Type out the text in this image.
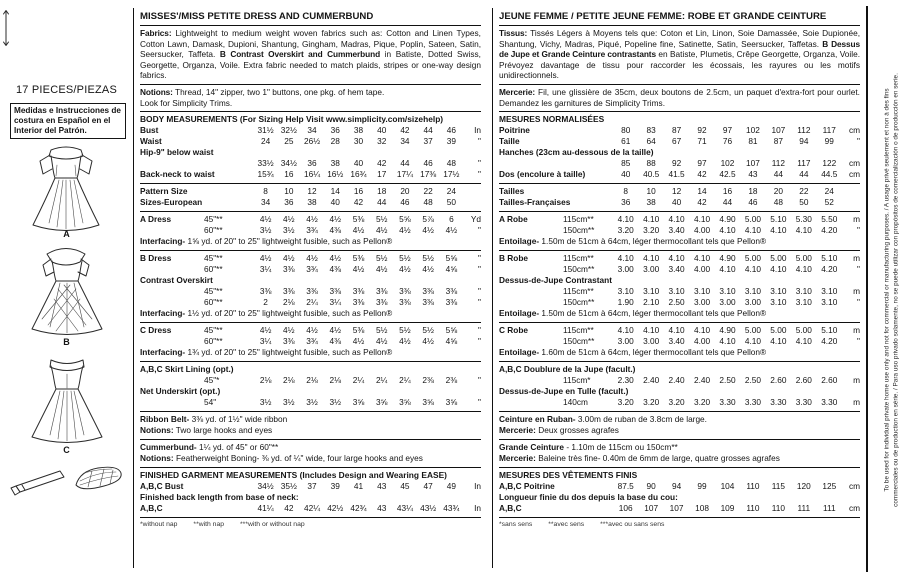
17 PIECES/PIEZAS
Medidas e Instrucciones de costura en Español en el Interior del Patrón.
A
B
C
MISSES'/MISS PETITE DRESS AND CUMMERBUND
Fabrics: Lightweight to medium weight woven fabrics such as: Cotton and Linen Types, Cotton Lawn, Damask, Dupioni, Shantung, Gingham, Madras, Pique, Poplin, Sateen, Satin, Seersucker, Taffeta. B Contrast Overskirt and Cummerbund in Batiste, Dotted Swiss, Georgette, Organza, Voile. Extra fabric needed to match plaids, stripes or one-way design fabrics.
Notions: Thread, 14" zipper, two 1" buttons, one pkg. of hem tape.
Look for Simplicity Trims.
BODY MEASUREMENTS (For Sizing Help Visit www.simplicity.com/sizehelp)
Bust	31½ 32½	34	36	38	40	42	44	46	In
Waist	24	25	26½	28	30	32	34	37	39	"
Hip-9" below waist
33½ 34½	36	38	40	42	44	46	48	"
Back-neck to waist	15¾	16	16¼ 16½ 16¾	17	17¼ 17⅜ 17½	"
Pattern Size	8	10	12	14	16	18	20	22	24
Sizes-European	34	36	38	40	42	44	46	48	50
A Dress	45"**	4½	4½	4½	4½	5⅜	5½	5⅝	5⅞	6	Yd
60"**	3½	3½	3¾	4⅜	4½	4½	4½	4½	4½	"
Interfacing- 1⅝ yd. of 20" to 25" lightweight fusible, such as Pellon®
B Dress	45"**	4½	4½	4½	4½	5⅜	5½	5½	5½	5⅝	"
60"**	3¼	3⅜	3¾	4⅜	4½	4½	4½	4½	4⅝	"
Contrast Overskirt
45"**	3⅜	3⅜	3⅜	3⅜	3⅜	3⅜	3⅜	3⅜	3⅜	"
60"**	2	2⅛	2¼	3¼	3⅜	3⅜	3⅜	3⅜	3⅜	"
Interfacing- 1½ yd. of 20" to 25" lightweight fusible, such as Pellon®
C Dress	45"**	4½	4½	4½	4½	5⅜	5½	5½	5½	5⅝	"
60"**	3¼	3⅜	3¾	4⅜	4½	4½	4½	4½	4⅝	"
Interfacing- 1¾ yd. of 20" to 25" lightweight fusible, such as Pellon®
A,B,C Skirt Lining (opt.)
45"*	2⅛	2⅛	2⅛	2⅛	2¼	2¼	2¼	2⅜	2⅜	"
Net Underskirt (opt.)
54"	3½	3½	3½	3½	3⅝	3⅝	3⅝	3⅝	3⅝	"
Ribbon Belt- 3⅜ yd. of 1½" wide ribbon
Notions: Two large hooks and eyes
Cummerbund- 1¼ yd. of 45" or 60"**
Notions: Featherweight Boning- ⅜ yd. of ¼" wide, four large hooks and eyes
FINISHED GARMENT MEASUREMENTS (Includes Design and Wearing EASE)
A,B,C Bust	34½ 35½	37	39	41	43	45	47	49	In
Finished back length from base of neck:
A,B,C	41¼	42	42¼ 42½ 42¾	43	43¼ 43½ 43¾	In
*without nap **with nap ***with or without nap
JEUNE FEMME / PETITE JEUNE FEMME: ROBE ET GRANDE CEINTURE
Tissus: Tissés Légers à Moyens tels que: Coton et Lin, Linon, Soie Damassée, Soie Dupionée, Shantung, Vichy, Madras, Piqué, Popeline fine, Satinette, Satin, Seersucker, Taffetas. B Dessus de Jupe et Grande Ceinture contrastants en Batiste, Plumetis, Crêpe Georgette, Organza, Voile. Prévoyez davantage de tissu pour raccorder les écossais, les rayures ou les motifs unidirectionnels.
Mercerie: Fil, une glissière de 35cm, deux boutons de 2.5cm, un paquet d'extra-fort pour ourlet. Demandez les garnitures de Simplicity Trims.
MESURES NORMALISÉES
Poitrine	80	83	87	92	97	102	107	112	117	cm
Taille	61	64	67	71	76	81	87	94	99	"
Hanches (23cm au-dessous de la taille)
85	88	92	97	102	107	112	117	122	cm
Dos (encolure à taille)	40	40.5	41.5	42	42.5	43	44	44	44.5	cm
Tailles	8	10	12	14	16	18	20	22	24
Tailles-Françaises	36	38	40	42	44	46	48	50	52
A Robe	115cm**	4.10	4.10	4.10	4.10	4.90	5.00	5.10	5.30	5.50	m
150cm**	3.20	3.20	3.40	4.00	4.10	4.10	4.10	4.10	4.20	"
Entoilage- 1.50m de 51cm à 64cm, léger thermocollant tels que Pellon®
B Robe	115cm**	4.10	4.10	4.10	4.10	4.90	5.00	5.00	5.00	5.10	m
150cm**	3.00	3.00	3.40	4.00	4.10	4.10	4.10	4.10	4.20	"
Dessus-de-Jupe Contrastant
115cm**	3.10	3.10	3.10	3.10	3.10	3.10	3.10	3.10	3.10	m
150cm**	1.90	2.10	2.50	3.00	3.00	3.00	3.10	3.10	3.10	"
Entoilage- 1.50m de 51cm à 64cm, léger thermocollant tels que Pellon®
C Robe	115cm**	4.10	4.10	4.10	4.10	4.90	5.00	5.00	5.00	5.10	m
150cm**	3.00	3.00	3.40	4.00	4.10	4.10	4.10	4.10	4.20	"
Entoilage- 1.60m de 51cm à 64cm, léger thermocollant tels que Pellon®
A,B,C Doublure de la Jupe (facult.)
115cm*	2.30	2.40	2.40	2.40	2.50	2.50	2.60	2.60	2.60	m
Dessus-de-Jupe en Tulle (facult.)
140cm	3.20	3.20	3.20	3.20	3.30	3.30	3.30	3.30	3.30	m
Ceinture en Ruban- 3.00m de ruban de 3.8cm de large.
Mercerie: Deux grosses agrafes
Grande Ceinture - 1.10m de 115cm ou 150cm**
Mercerie: Baleine très fine- 0.40m de 6mm de large, quatre grosses agrafes
MESURES DES VÊTEMENTS FINIS
A,B,C Poitrine	87.5	90	94	99	104	110	115	120	125	cm
Longueur finie du dos depuis la base du cou:
A,B,C	106	107	107	108	109	110	110	111	111	cm
*sans sens **avec sens ***avec ou sans sens
To be used for individual private home use only and not for commercial or manufacturing purposes. / A usage privé seulement et non à des fins commerciales ou de production en série. / Para uso privado solamente, no se puede utilizar con propósitos de comercialización o de producción en serie.
